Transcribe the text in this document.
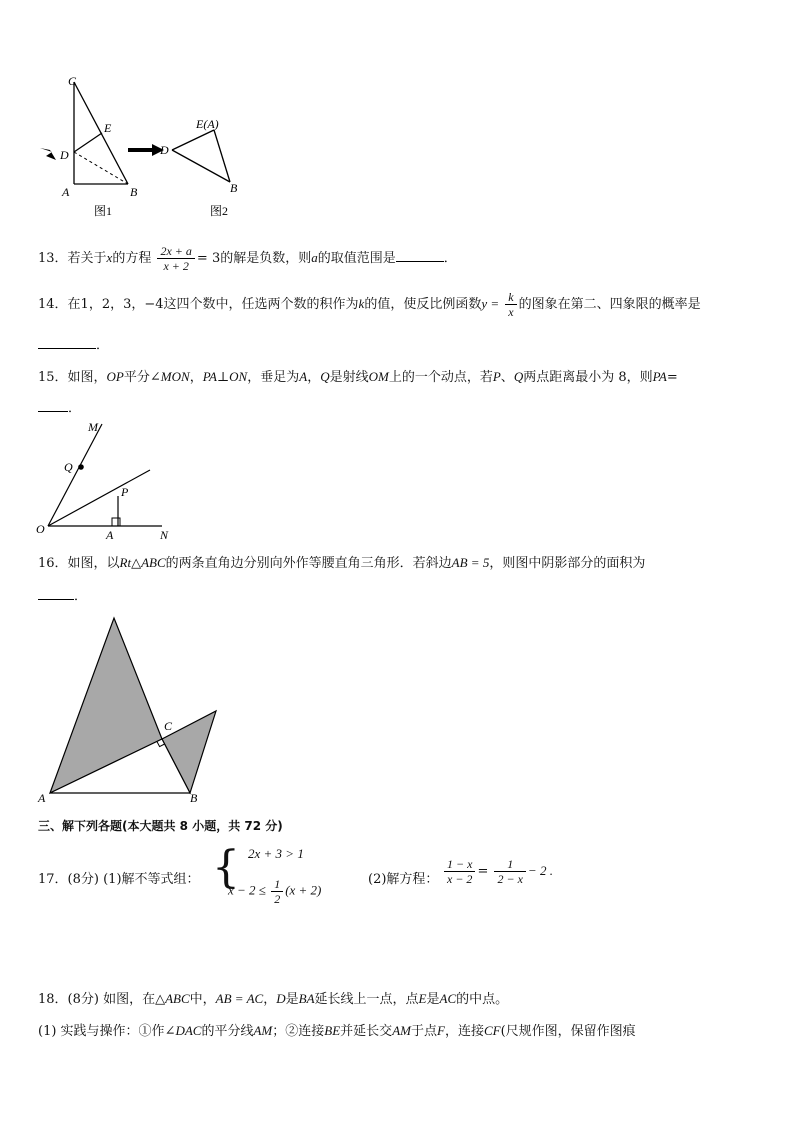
C
E
D
A	B
图1
E(A)
D
B
图2
13．若关于x的方程 $\frac{2x + a}{x + 2} = 3$的解是负数，则a的取值范围是	．
14．在1，2，3，−4这四个数中，任选两个数的积作为k的值，使反比例函数$y = \frac{k}{x}$ 的图象在第二、四象限的概率是
．
15．如图，OP平分∠MON，PA⊥ON，垂足为A，Q是射线OM上的一个动点，若P、Q两点距离最小为 8，则PA=
．
M
Q
P
O	A	N
16．如图，以Rt△ABC的两条直角边分别向外作等腰直角三角形．若斜边AB = 5，则图中阴影部分的面积为
．
A	B
C
三、解下列各题(本大题共 8 小题，共 72 分)
17．(8分) (1)解不等式组： { 2x + 3 > 1
$x - 2 \le \frac{1}{2} (x + 2)$
(2)解方程： $\frac{1 - x}{x - 2} = \frac{1}{2 - x} - 2$ .
18．(8分) 如图，在△ABC中，AB = AC，D是BA延长线上一点，点E是AC的中点。
(1) 实践与操作：①作∠DAC的平分线AM；②连接BE并延长交AM于点F，连接CF(尺规作图，保留作图痕
